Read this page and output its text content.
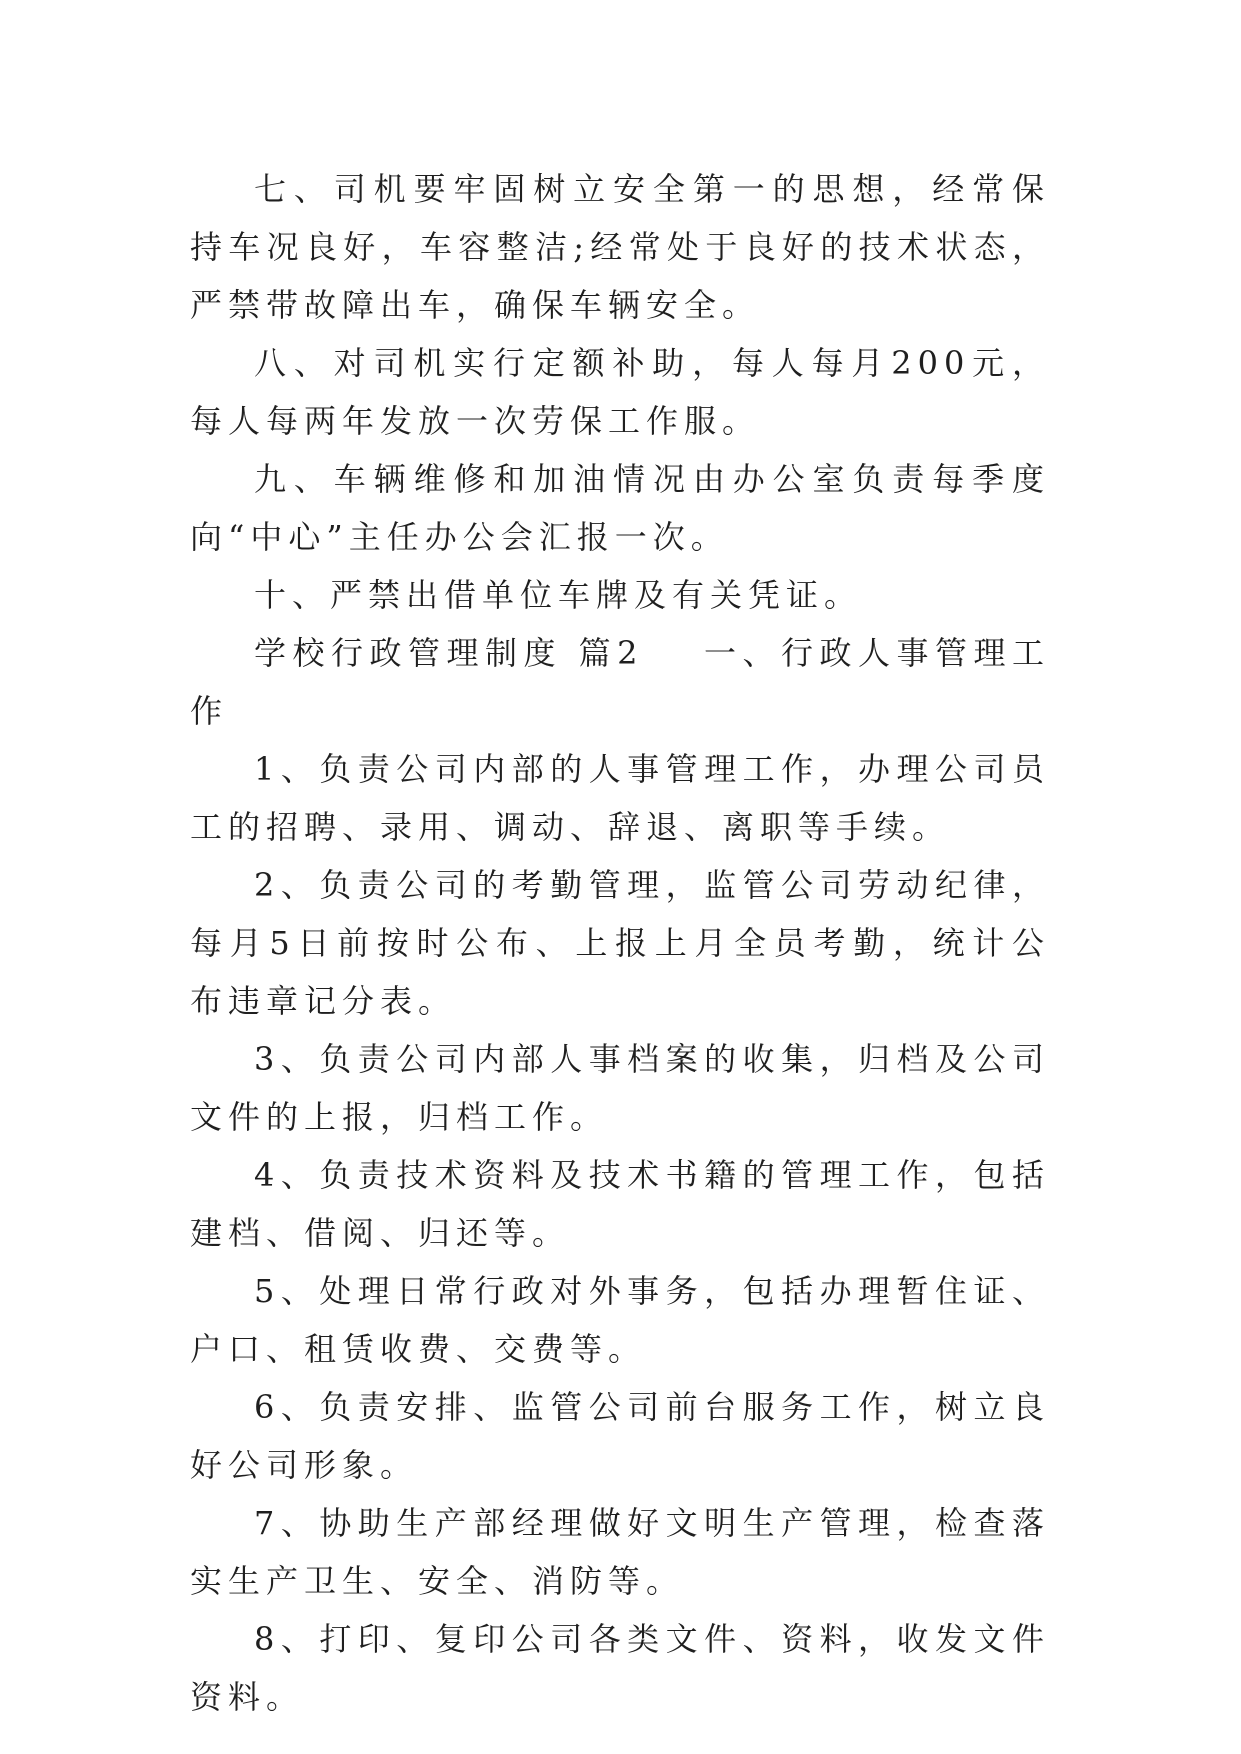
七、司机要牢固树立安全第一的思想，经常保持车况良好，车容整洁;经常处于良好的技术状态，严禁带故障出车，确保车辆安全。

八、对司机实行定额补助，每人每月200元，每人每两年发放一次劳保工作服。

九、车辆维修和加油情况由办公室负责每季度向“中心”主任办公会汇报一次。

十、严禁出借单位车牌及有关凭证。

学校行政管理制度 篇2 一、行政人事管理工作

1、负责公司内部的人事管理工作，办理公司员工的招聘、录用、调动、辞退、离职等手续。

2、负责公司的考勤管理，监管公司劳动纪律，每月5日前按时公布、上报上月全员考勤，统计公布违章记分表。

3、负责公司内部人事档案的收集，归档及公司文件的上报，归档工作。

4、负责技术资料及技术书籍的管理工作，包括建档、借阅、归还等。

5、处理日常行政对外事务，包括办理暂住证、户口、租赁收费、交费等。

6、负责安排、监管公司前台服务工作，树立良好公司形象。

7、协助生产部经理做好文明生产管理，检查落实生产卫生、安全、消防等。

8、打印、复印公司各类文件、资料，收发文件资料。
